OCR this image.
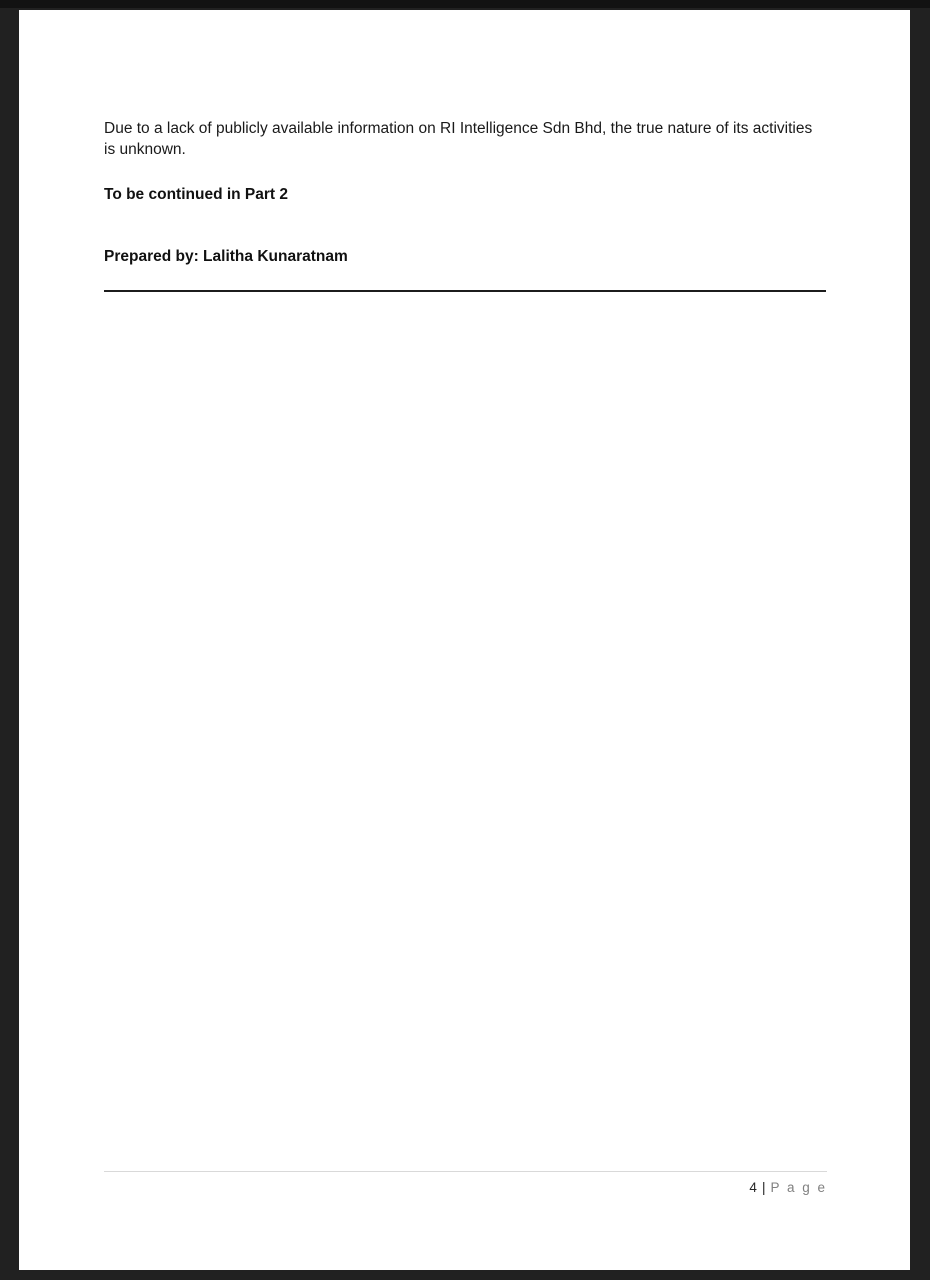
Due to a lack of publicly available information on RI Intelligence Sdn Bhd, the true nature of its activities is unknown.

To be continued in Part 2

Prepared by: Lalitha Kunaratnam

4 | P a g e
